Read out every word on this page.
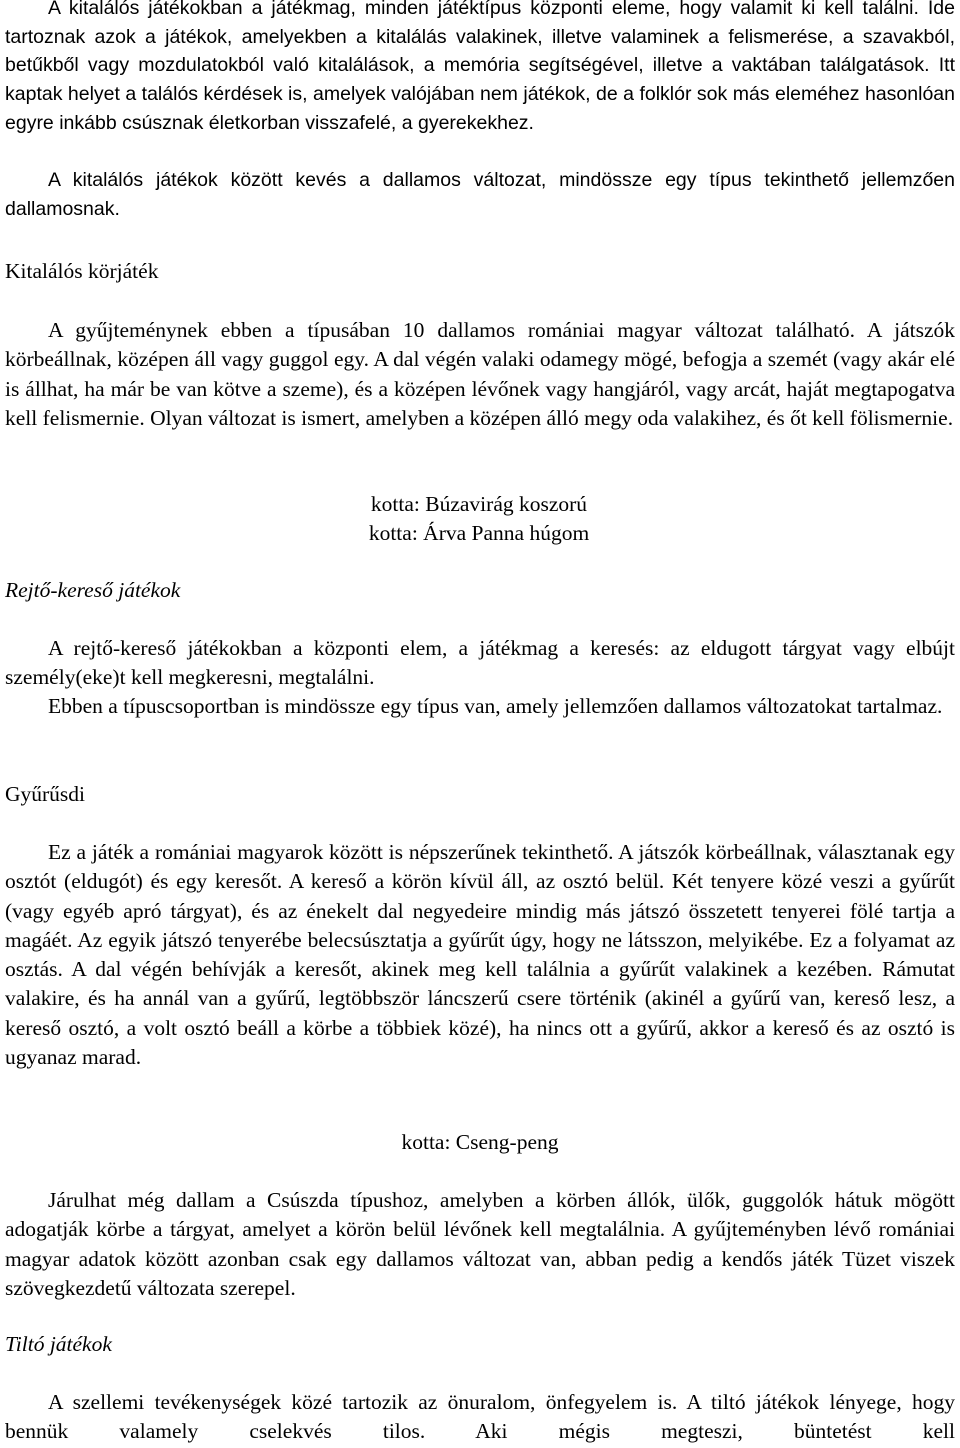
A kitalálós játékokban a játékmag, minden játéktípus központi eleme, hogy valamit ki kell találni. Ide tartoznak azok a játékok, amelyekben a kitalálás valakinek, illetve valaminek a felismerése, a szavakból, betűkből vagy mozdulatokból való kitalálások, a memória segítségével, illetve a vaktában találgatások. Itt kaptak helyet a találós kérdések is, amelyek valójában nem játékok, de a folklór sok más eleméhez hasonlóan egyre inkább csúsznak életkorban visszafelé, a gyerekekhez.

A kitalálós játékok között kevés a dallamos változat, mindössze egy típus tekinthető jellemzően dallamosnak.

Kitalálós körjáték

A gyűjteménynek ebben a típusában 10 dallamos romániai magyar változat található. A játszók körbeállnak, középen áll vagy guggol egy. A dal végén valaki odamegy mögé, befogja a szemét (vagy akár elé is állhat, ha már be van kötve a szeme), és a középen lévőnek vagy hangjáról, vagy arcát, haját megtapogatva kell felismernie. Olyan változat is ismert, amelyben a középen álló megy oda valakihez, és őt kell fölismernie.

kotta: Búzavirág koszorú

kotta: Árva Panna húgom

Rejtő-kereső játékok

A rejtő-kereső játékokban a központi elem, a játékmag a keresés: az eldugott tárgyat vagy elbújt személy(eke)t kell megkeresni, megtalálni.

Ebben a típuscsoportban is mindössze egy típus van, amely jellemzően dallamos változatokat tartalmaz.

Gyűrűsdi

Ez a játék a romániai magyarok között is népszerűnek tekinthető. A játszók körbeállnak, választanak egy osztót (eldugót) és egy keresőt. A kereső a körön kívül áll, az osztó belül. Két tenyere közé veszi a gyűrűt (vagy egyéb apró tárgyat), és az énekelt dal negyedeire mindig más játszó összetett tenyerei fölé tartja a magáét. Az egyik játszó tenyerébe belecsúsztatja a gyűrűt úgy, hogy ne látsszon, melyikébe. Ez a folyamat az osztás. A dal végén behívják a keresőt, akinek meg kell találnia a gyűrűt valakinek a kezében. Rámutat valakire, és ha annál van a gyűrű, legtöbbször láncszerű csere történik (akinél a gyűrű van, kereső lesz, a kereső osztó, a volt osztó beáll a körbe a többiek közé), ha nincs ott a gyűrű, akkor a kereső és az osztó is ugyanaz marad.

kotta: Cseng-peng

Járulhat még dallam a Csúszda típushoz, amelyben a körben állók, ülők, guggolók hátuk mögött adogatják körbe a tárgyat, amelyet a körön belül lévőnek kell megtalálnia. A gyűjteményben lévő romániai magyar adatok között azonban csak egy dallamos változat van, abban pedig a kendős játék Tüzet viszek szövegkezdetű változata szerepel.

Tiltó játékok

A szellemi tevékenységek közé tartozik az önuralom, önfegyelem is. A tiltó játékok lényege, hogy bennük valamely cselekvés tilos. Aki mégis megteszi, büntetést kell
